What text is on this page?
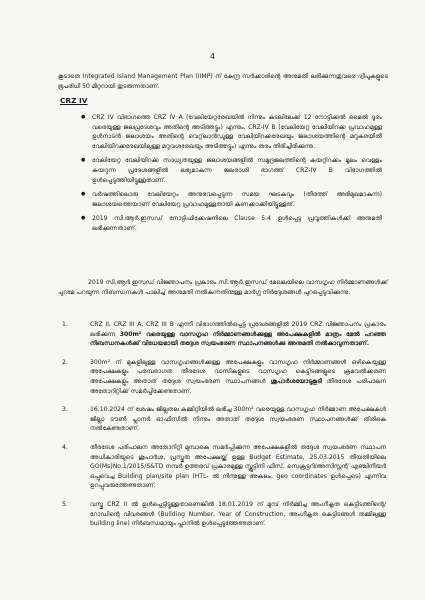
4

കൂടാതെ Integrated Island Management Plan (IIMP) ന് കേന്ദ്ര സർക്കാരിന്റെ അനുമതി ലഭിക്കുന്നതുവരെ ദ്വീപുകളുടെ ഭൂപരിധി 50 മീറ്ററായി തുടരുന്നതാണ്.

CRZ IV
● CRZ IV വിഭാഗത്തെ CRZ IV A (വേലിയേറ്റരേഖയിൽ നിന്നും കടലിലേക്ക് 12 നോട്ടിക്കൽ മൈൽ ദൂരം വരെയുള്ള ജലപ്രദേശവും അതിന്റെ അടിത്തട്ടും) എന്നും, CRZ-IV B (വേലിയേറ്റ വേലിയിറക്ക പ്രവാഹമുള്ള ഉൾനാടൻ ജലാശയം അതിന്റെ വെറ്റ്‌ലാൻഡുള്ള വേലിയിറക്കരേഖയും ജലാശയത്തിന്റെ മറുകരയിൽ വേലിയിറക്കരേഖയിലുള്ള മറുവശരേഖയും അടിത്തട്ടും) എന്നും തരം തിരിച്ചിരിക്കുന്നു.
● വേലിയേറ്റ വേലിയിറക്ക സാധ്യതയുള്ള ജലാശയങ്ങളിൽ സമുദ്രജലത്തിന്റെ കയറ്റിറക്കം മൂലം വെള്ളം കയറുന്ന പ്രദേശങ്ങളിൽ ലഭ്യമാകുന്ന ജലരാശി ഭാഗത്ത് CRZ-IV B വിഭാഗത്തിൽ ഉൾപ്പെടുത്തിയിട്ടുള്ളതാണ്.
● വർഷത്തിലൊരു വേലിയേറ്റം അനുഭവപ്പെടുന്ന സമയ ഘടകവും (തീരത്ത് അഭിമുഖമാകുന്ന) ജലാശയത്തെയാണ് വേലിയേറ്റ പ്രവാഹമുള്ളതായി കണക്കാക്കിയിട്ടുള്ളത്.
● 2019 സി.ആർ.ഇസഡ് നോട്ടിഫിക്കേഷനിലെ Clause 5.4 ഉൾപ്പെട്ട പ്രവൃത്തികൾക്ക് അനുമതി ലഭിക്കുന്നതാണ്.

2019 സി.ആർ.ഇസഡ് വിജ്ഞാപനം പ്രകാരം സി.ആർ.ഇസഡ് മേഖലയിലെ വാസഗൃഹ നിർമ്മാണങ്ങൾക്ക് പുറമേ പറയുന്ന നിബന്ധനകൾ പാലിച്ച് അനുമതി നൽകുന്നതിനുള്ള മാർഗ്ഗ നിർദ്ദേശങ്ങൾ പുറപ്പെടുവിക്കുന്നു.

1.	CRZ II, CRZ III A, CRZ III B എന്നീ വിഭാഗത്തിൽപ്പെട്ട പ്രദേശങ്ങളിൽ 2019 CRZ വിജ്ഞാപനം പ്രകാരം ലഭിക്കുന്ന 300m² വരെയുള്ള വാസഗൃഹ നിർമ്മാണങ്ങൾക്കുള്ള അപേക്ഷകളിൽ മാത്രം മേൽ പറഞ്ഞ നിബന്ധനകൾക്ക് വിധേയമായി തദ്ദേശ സ്വയംഭരണ സ്ഥാപനങ്ങൾക്കു അനുമതി നൽകാവുന്നതാണ്.
2.	300m² ന് മുകളിലുള്ള വാസഗൃഹങ്ങൾക്കുള്ള അപേക്ഷകളും വാസഗൃഹ നിർമ്മാണങ്ങൾ ഒഴികെയുള്ള അപേക്ഷകളും പരമ്പരാഗത തീരദേശ വാസികളുടെ വാസഗൃഹ കെട്ടിടങ്ങളുടെ ക്രമവൽക്കരണ അപേക്ഷകളും അതാത് തദ്ദേശ സ്വയംഭരണ സ്ഥാപനങ്ങൾ ശുപാർശയോടുകൂടി തീരദേശ പരിപാലന അതോറിറ്റിക്ക് സമർപ്പിക്കേണ്ടതാണ്.
3.	16.10.2024 ന് ശേഷം ജില്ലതല കമ്മിറ്റിയിൽ ലഭിച്ച 300m² വരെയുള്ള വാസഗൃഹ നിർമ്മാണ അപേക്ഷകൾ ജില്ലാ ടൗൺ പ്ലാനർ ഓഫീസിൽ നിന്നും അതാത് തദ്ദേശ സ്വയംഭരണ സ്ഥാപനങ്ങൾക്ക് തിരികെ നൽകേണ്ടതാണ്.
4.	തീരദേശ പരിപാലന അതോറിറ്റി മുമ്പാകെ സമർപ്പിക്കുന്ന അപേക്ഷകളിൽ തദ്ദേശ സ്വയംഭരണ സ്ഥാപന അധികാരിയുടെ ശുപാർശ, പ്രസ്തുത അപേക്ഷയ്ക്ക് ഉള്ള Budget Estimate, 25.03.2015 തീയതിയിലെ GO(Ms)No.1/2015/S&TD നമ്പർ ഉത്തരവ് പ്രകാരമുള്ള സ്ക്രൂട്ടിനി ഫീസ്, സെക്രട്ടറി/അസിസ്റ്റന്റ് എഞ്ചിനീയർ ഒപ്പുവെച്ച Building plan/site plan (HTL- ൽ നിന്നുള്ള അകലം, geo coordinates ഉൾപ്പെടെ) എന്നിവ ഉറപ്പുവരുത്തേണ്ടതാണ്.
5.	വസ്തു CRZ II ൽ ഉൾപ്പെട്ടിട്ടുള്ളതാണെങ്കിൽ 18.01.2019 ന് മുമ്പ് നിർമ്മിച്ച അംഗീകൃത കെട്ടിടത്തിന്റെ/റോഡിന്റെ വിവരങ്ങൾ (Building Number, Year of Construction, അംഗീകൃത കെട്ടിടങ്ങൾ തമ്മിലുള്ള building line) നിർബന്ധമായും പ്ലാനിൽ ഉൾപ്പെടുത്തേണ്ടതാണ്.
